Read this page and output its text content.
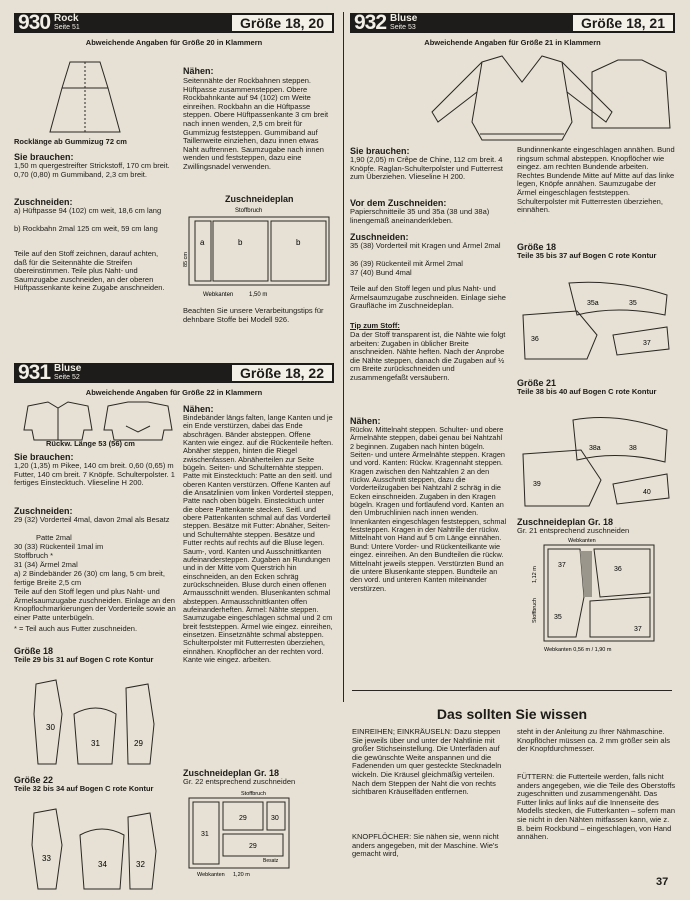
930 Rock
Seite 51	Größe 18, 20
Abweichende Angaben für Größe 20 in Klammern
Rocklänge ab Gummizug 72 cm
Sie brauchen:
1,50 m quergestreifter Strickstoff, 170 cm breit. 0,70 (0,80) m Gummiband, 2,3 cm breit.
Zuschneiden:
a) Hüftpasse 94 (102) cm weit, 18,6 cm lang
b) Rockbahn 2mal 125 cm weit, 59 cm lang
Teile auf den Stoff zeichnen, darauf achten, daß für die Seitennähte die Streifen übereinstimmen. Teile plus Naht- und Saumzugabe zuschneiden, an der oberen Hüftpassenkante keine Zugabe anschneiden.
Nähen:
Seitennähte der Rockbahnen steppen. Hüftpasse zusammensteppen. Obere Rockbahnkante auf 94 (102) cm Weite einreihen. Rockbahn an die Hüftpasse steppen. Obere Hüftpassenkante 3 cm breit nach innen wenden, 2,5 cm breit für Gummizug feststeppen. Gummiband auf Taillenweite einziehen, dazu innen etwas Naht auftrennen. Saumzugabe nach innen wenden und feststeppen, dazu eine Zwillingsnadel verwenden.
Zuschneideplan
Stoffbruch
a	b	b
85 cm
Webkanten	1,50 m
Beachten Sie unsere Verarbeitungstips für dehnbare Stoffe bei Modell 926.
931 Bluse
Seite 52	Größe 18, 22
Abweichende Angaben für Größe 22 in Klammern
Rückw. Länge 53 (56) cm
Sie brauchen:
1,20 (1,35) m Pikee, 140 cm breit. 0,60 (0,65) m Futter, 140 cm breit. 7 Knöpfe. Schulterpolster. 1 fertiges Einstecktuch. Vlieseline H 200.
Zuschneiden:
29 (32) Vorderteil 4mal, davon 2mal als Besatz
Patte 2mal
30 (33) Rückenteil 1mal im Stoffbruch *
31 (34) Ärmel 2mal
a) 2 Bindebänder 26 (30) cm lang, 5 cm breit, fertige Breite 2,5 cm
Teile auf den Stoff legen und plus Naht- und Ärmelsaumzugabe zuschneiden. Einlage an den Knopflochmarkierungen der Vorderteile sowie an einer Patte unterbügeln.
* = Teil auch aus Futter zuschneiden.
Größe 18
Teile 29 bis 31 auf Bogen C rote Kontur
30
31	29
Größe 22
Teile 32 bis 34 auf Bogen C rote Kontur
33
34	32
Nähen:
Bindebänder längs falten, lange Kanten und je ein Ende verstürzen, dabei das Ende abschrägen. Bänder absteppen. Offene Kanten wie eingez. auf die Rückenteile heften. Abnäher steppen, hinten die Riegel zwischenfassen. Abnäherteilen zur Seite bügeln. Seiten- und Schulternähte steppen. Patte mit Einstecktuch: Patte an den seitl. und oberen Kanten verstürzen. Offene Kanten auf die Ansatzlinien vom linken Vorderteil steppen, Patte nach oben bügeln. Einstecktuch unter die obere Pattenkante stecken. Seitl. und obere Pattenkanten schmal auf das Vorderteil steppen. Besätze mit Futter: Abnäher, Seiten- und Schulternähte steppen. Besätze und Futter rechts auf rechts auf die Bluse legen. Saum-, vord. Kanten und Ausschnittkanten aufeinandersteppen. Zugaben an Rundungen und in der Mitte vom Querstrich hin einschneiden, an den Ecken schräg zurückschneiden. Bluse durch einen offenen Armausschnitt wenden. Blusenkanten schmal absteppen. Armausschnittkanten offen aufeinanderheften. Ärmel: Nähte steppen. Saumzugabe eingeschlagen schmal und 2 cm breit feststeppen. Ärmel wie eingez. einreihen, einsetzen. Einsetznähte schmal absteppen. Schulterpolster mit Futterresten überziehen, einnähen. Knopflöcher an der rechten vord. Kante wie eingez. arbeiten.
Zuschneideplan Gr. 18
Gr. 22 entsprechend zuschneiden
Stoffbruch
31
29
29
30
Besatz
Webkanten 1,20 m
932 Bluse
Seite 53	Größe 18, 21
Abweichende Angaben für Größe 21 in Klammern
Sie brauchen:
1,90 (2,05) m Crêpe de Chine, 112 cm breit. 4 Knöpfe. Raglan-Schulterpolster und Futterrest zum Überziehen. Vlieseline H 200.
Vor dem Zuschneiden:
Papierschnitteile 35 und 35a (38 und 38a) linengemäß aneinanderkleben.
Zuschneiden:
35 (38) Vorderteil mit Kragen und Ärmel 2mal
36 (39) Rückenteil mit Ärmel 2mal
37 (40) Bund 4mal
Teile auf den Stoff legen und plus Naht- und Ärmelsaumzugabe zuschneiden. Einlage siehe Graufläche im Zuschneideplan.
Tip zum Stoff:
Da der Stoff transparent ist, die Nähte wie folgt arbeiten: Zugaben in üblicher Breite anschneiden. Nähte heften. Nach der Anprobe die Nähte steppen, danach die Zugaben auf ½ cm Breite zurückschneiden und zusammengefaßt versäubern.
Nähen:
Rückw. Mittelnaht steppen. Schulter- und obere Ärmelnähte steppen, dabei genau bei Nahtzahl 2 beginnen. Zugaben nach hinten bügeln. Seiten- und untere Ärmelnähte steppen. Kragen und vord. Kanten: Rückw. Kragennaht steppen. Kragen zwischen den Nahtzahlen 2 an den rückw. Ausschnitt steppen, dazu die Vorderteilzugaben bei Nahtzahl 2 schräg in die Ecken einschneiden. Zugaben in den Kragen bügeln. Kragen und fortlaufend vord. Kanten an den Umbruchlinien nach innen wenden. Innenkanten eingeschlagen feststeppen, schmal feststeppen. Kragen in der Nahtrille der rückw. Mittelnaht von Hand auf 5 cm Länge einnähen. Bund: Untere Vorder- und Rückenteilkante wie eingez. einreihen. An den Bundteilen die rückw. Mittelnaht jeweils steppen. Verstürzten Bund an die untere Blusenkante steppen. Bundteile an den vord. und unteren Kanten miteinander verstürzen.
Bundinnenkante eingeschlagen annähen. Bund ringsum schmal absteppen. Knopflöcher wie eingez. am rechten Bundende arbeiten. Rechtes Bundende Mitte auf Mitte auf das linke legen, Knöpfe annähen. Saumzugabe der Ärmel eingeschlagen feststeppen. Schulterpolster mit Futterresten überziehen, einnähen.
Größe 18
Teile 35 bis 37 auf Bogen C rote Kontur
35a	35
36
37
Größe 21
Teile 38 bis 40 auf Bogen C rote Kontur
38a	38
39
40
Zuschneideplan Gr. 18
Gr. 21 entsprechend zuschneiden
Webkanten
37
36
35
37
Stoffbruch
1,12 m
Webkanten 0,56 m / 1,90 m
Das sollten Sie wissen
EINREIHEN; EINKRÄUSELN: Dazu steppen Sie jeweils über und unter der Nahtlinie mit großer Stichseinstellung. Die Unterfäden auf die gewünschte Weite anspannen und die Fadenenden um quer gesteckte Stecknadeln wickeln. Die Kräusel gleichmäßig verteilen. Nach dem Steppen der Naht die von rechts sichtbaren Kräuselfäden entfernen.
KNOPFLÖCHER: Sie nähen sie, wenn nicht anders angegeben, mit der Maschine. Wie's gemacht wird,
steht in der Anleitung zu Ihrer Nähmaschine. Knopflöcher müssen ca. 2 mm größer sein als der Knopfdurchmesser.
FÜTTERN: die Futterteile werden, falls nicht anders angegeben, wie die Teile des Oberstoffs zugeschnitten und zusammengenäht. Das Futter links auf links auf die Innenseite des Modells stecken, die Futterkanten – sofern man sie nicht in den Nähten mitfassen kann, wie z. B. beim Rockbund – eingeschlagen, von Hand annähen.
37
